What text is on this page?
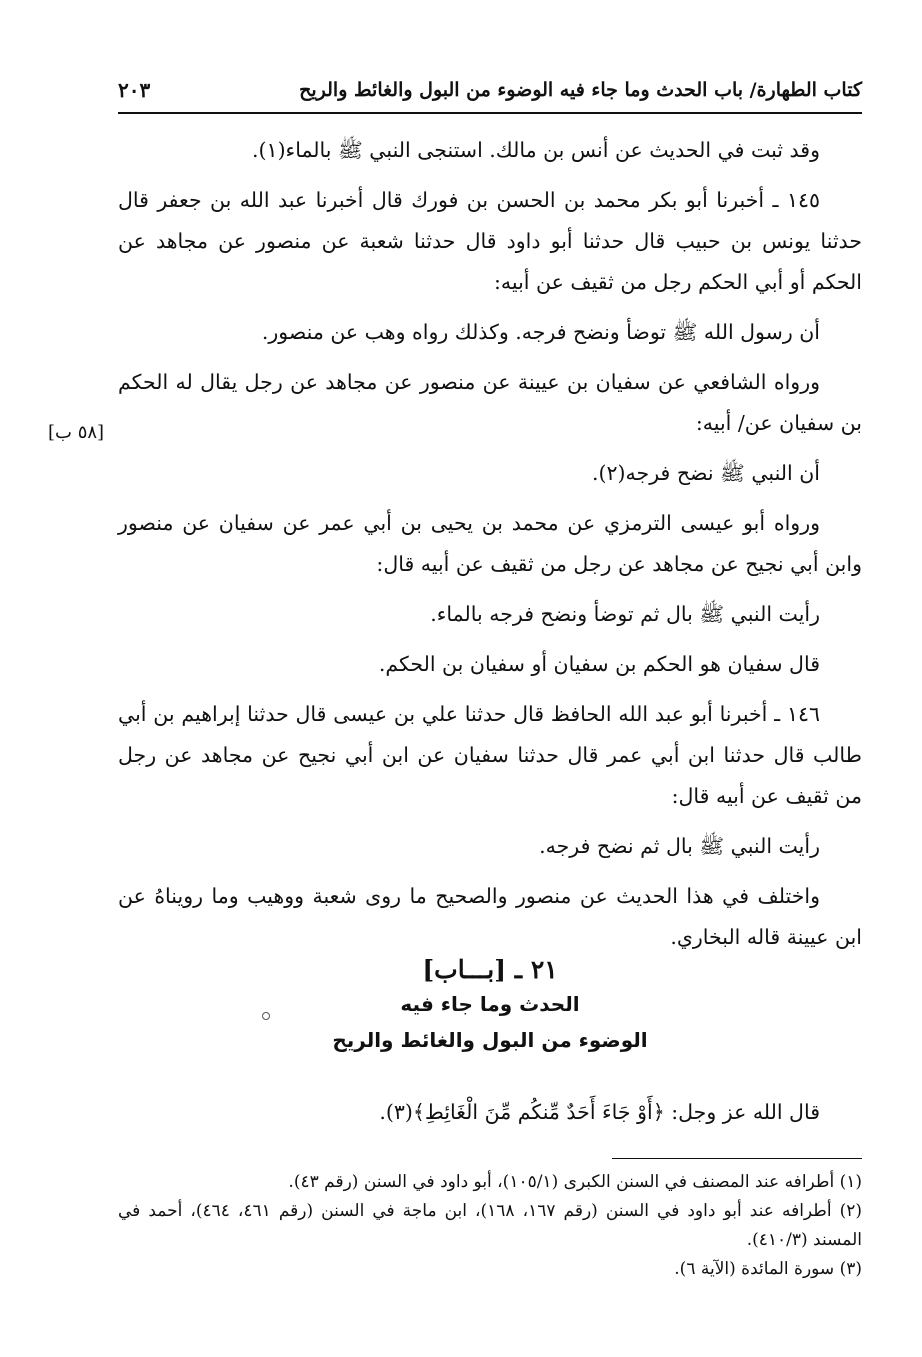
كتاب الطهارة/ باب الحدث وما جاء فيه الوضوء من البول والغائط والريح
٢٠٣

وقد ثبت في الحديث عن أنس بن مالك. استنجى النبي ﷺ بالماء(١).

١٤٥ ـ أخبرنا أبو بكر محمد بن الحسن بن فورك قال أخبرنا عبد الله بن جعفر قال حدثنا يونس بن حبيب قال حدثنا أبو داود قال حدثنا شعبة عن منصور عن مجاهد عن الحكم أو أبي الحكم رجل من ثقيف عن أبيه:

أن رسول الله ﷺ توضأ ونضح فرجه. وكذلك رواه وهب عن منصور.

ورواه الشافعي عن سفيان بن عيينة عن منصور عن مجاهد عن رجل يقال له الحكم بن سفيان عن/ أبيه:

أن النبي ﷺ نضح فرجه(٢).

ورواه أبو عيسى الترمزي عن محمد بن يحيى بن أبي عمر عن سفيان عن منصور وابن أبي نجيح عن مجاهد عن رجل من ثقيف عن أبيه قال:

رأيت النبي ﷺ بال ثم توضأ ونضح فرجه بالماء.

قال سفيان هو الحكم بن سفيان أو سفيان بن الحكم.

١٤٦ ـ أخبرنا أبو عبد الله الحافظ قال حدثنا علي بن عيسى قال حدثنا إبراهيم بن أبي طالب قال حدثنا ابن أبي عمر قال حدثنا سفيان عن ابن أبي نجيح عن مجاهد عن رجل من ثقيف عن أبيه قال:

رأيت النبي ﷺ بال ثم نضح فرجه.

واختلف في هذا الحديث عن منصور والصحيح ما روى شعبة ووهيب وما رويناهُ عن ابن عيينة قاله البخاري.

[٥٨ ب]
٢١ ـ [بـــاب]
الحدث وما جاء فيه
الوضوء من البول والغائط والريح
قال الله عز وجل: ﴿أَوْ جَاءَ أَحَدٌ مِّنكُم مِّنَ الْغَائِطِ﴾(٣).

(١) أطرافه عند المصنف في السنن الكبرى (١٠٥/١)، أبو داود في السنن (رقم ٤٣).

(٢) أطرافه عند أبو داود في السنن (رقم ١٦٧، ١٦٨)، ابن ماجة في السنن (رقم ٤٦١، ٤٦٤)، أحمد في المسند (٤١٠/٣).

(٣) سورة المائدة (الآية ٦).
